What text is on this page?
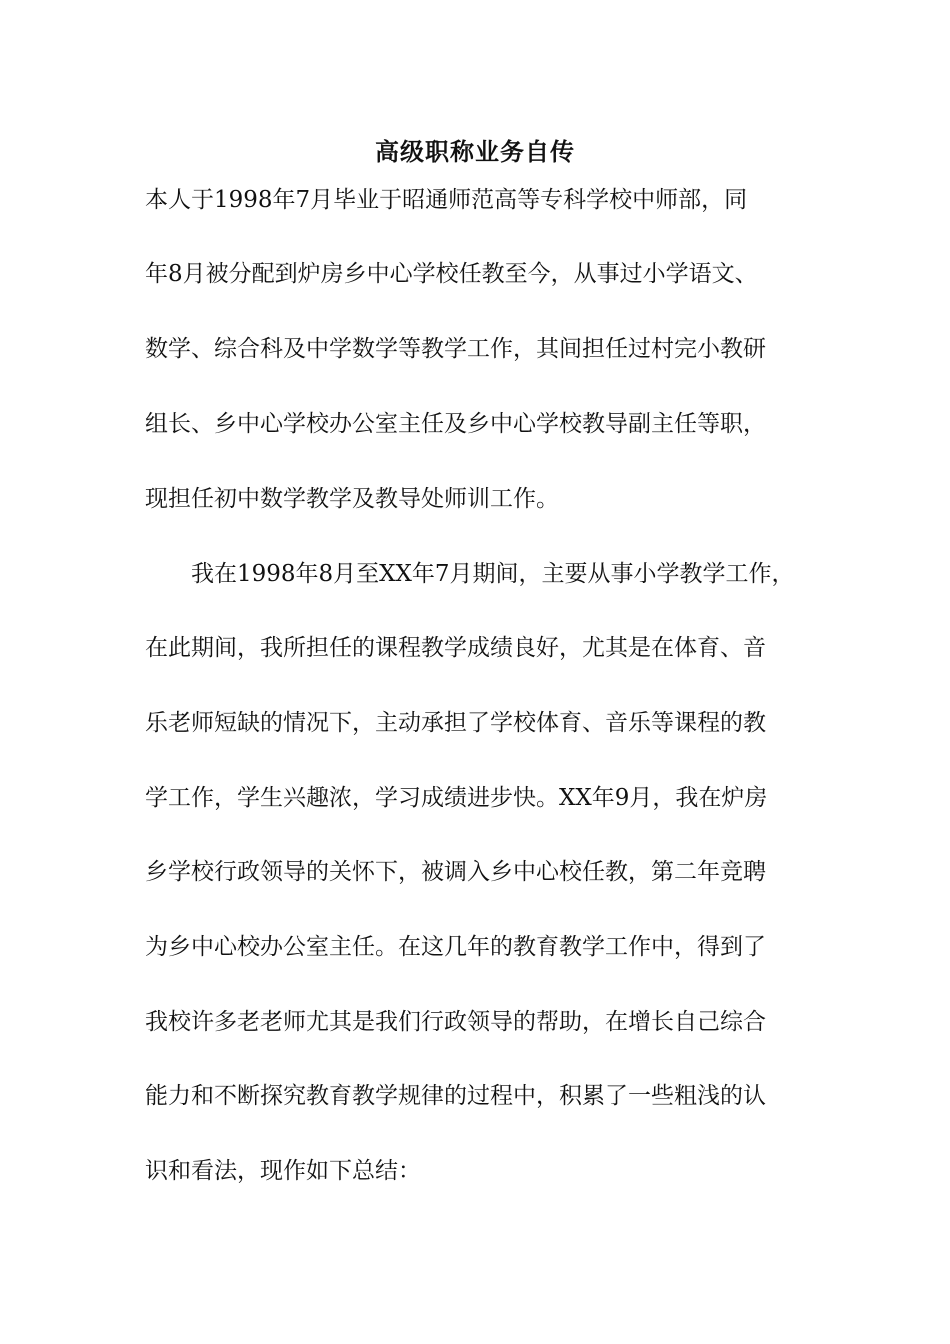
高级职称业务自传
本人于1998年7月毕业于昭通师范高等专科学校中师部，同
年8月被分配到炉房乡中心学校任教至今，从事过小学语文、
数学、综合科及中学数学等教学工作，其间担任过村完小教研
组长、乡中心学校办公室主任及乡中心学校教导副主任等职，
现担任初中数学教学及教导处师训工作。
　　我在1998年8月至XX年7月期间，主要从事小学教学工作，
在此期间，我所担任的课程教学成绩良好，尤其是在体育、音
乐老师短缺的情况下，主动承担了学校体育、音乐等课程的教
学工作，学生兴趣浓，学习成绩进步快。XX年9月，我在炉房
乡学校行政领导的关怀下，被调入乡中心校任教，第二年竞聘
为乡中心校办公室主任。在这几年的教育教学工作中，得到了
我校许多老老师尤其是我们行政领导的帮助，在增长自己综合
能力和不断探究教育教学规律的过程中，积累了一些粗浅的认
识和看法，现作如下总结：
